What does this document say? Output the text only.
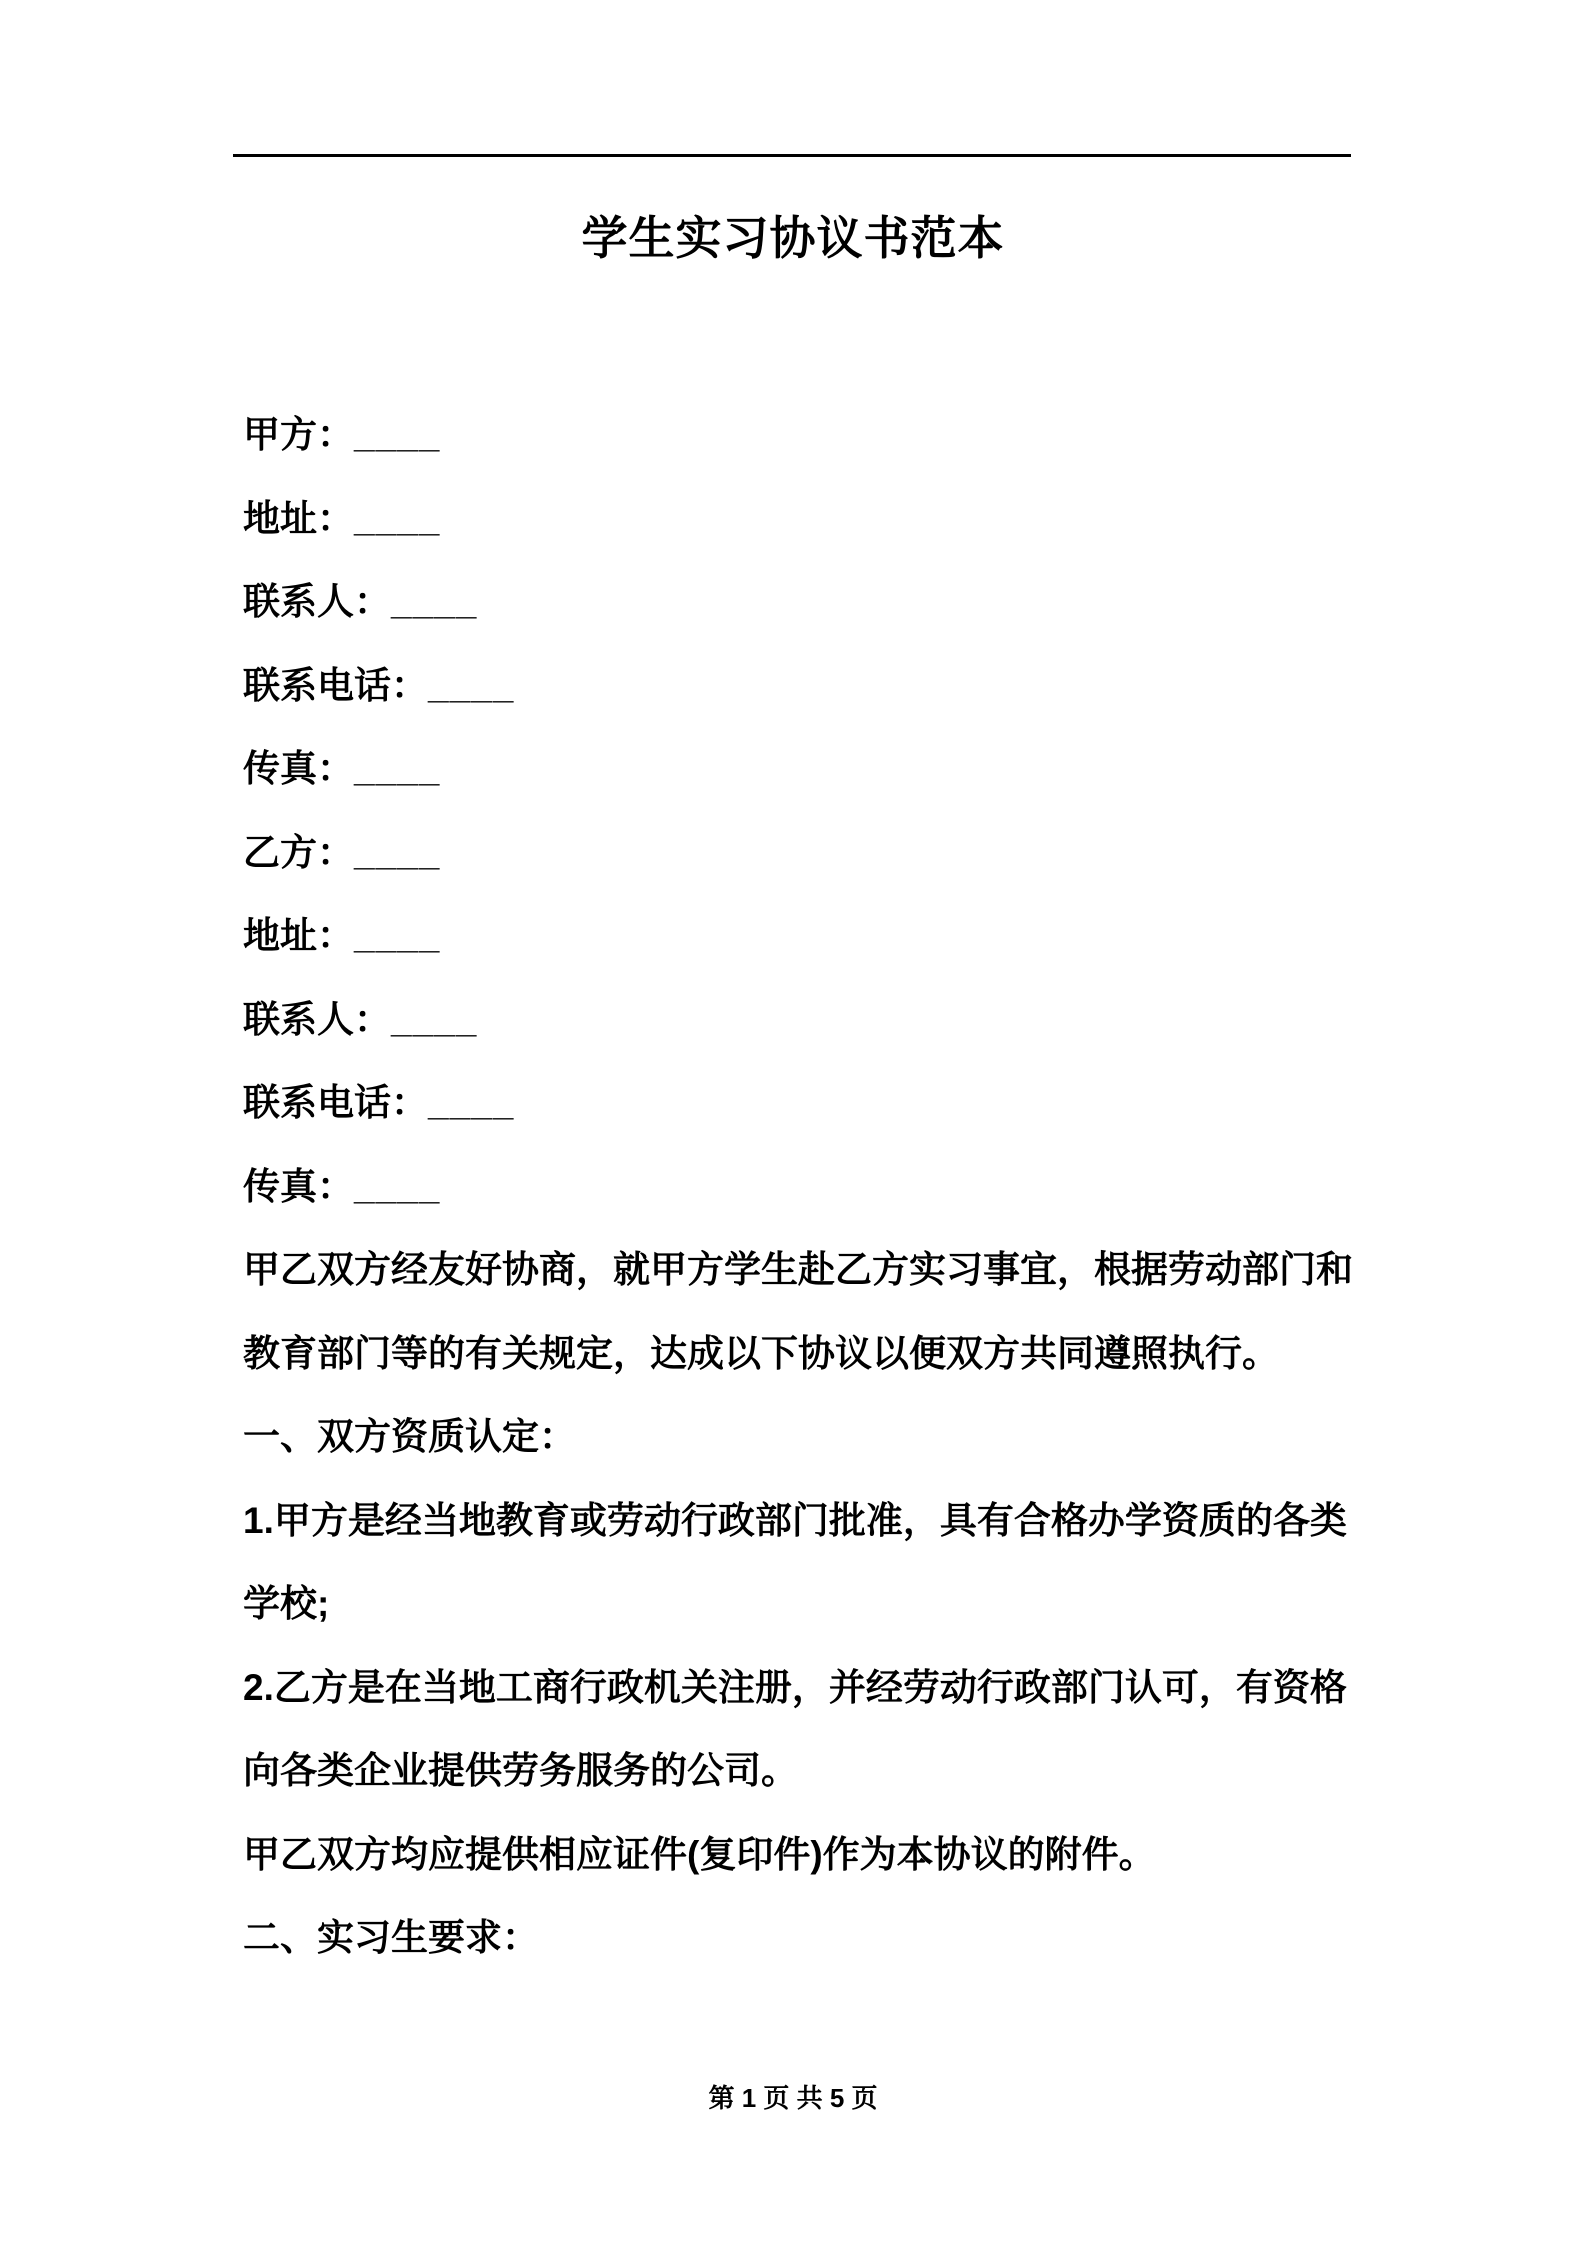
学生实习协议书范本
甲方：____
地址：____
联系人：____
联系电话：____
传真：____
乙方：____
地址：____
联系人：____
联系电话：____
传真：____
甲乙双方经友好协商，就甲方学生赴乙方实习事宜，根据劳动部门和
教育部门等的有关规定，达成以下协议以便双方共同遵照执行。
一、双方资质认定：
1.甲方是经当地教育或劳动行政部门批准，具有合格办学资质的各类
学校;
2.乙方是在当地工商行政机关注册，并经劳动行政部门认可，有资格
向各类企业提供劳务服务的公司。
甲乙双方均应提供相应证件(复印件)作为本协议的附件。
二、实习生要求：
第 1 页 共 5 页
